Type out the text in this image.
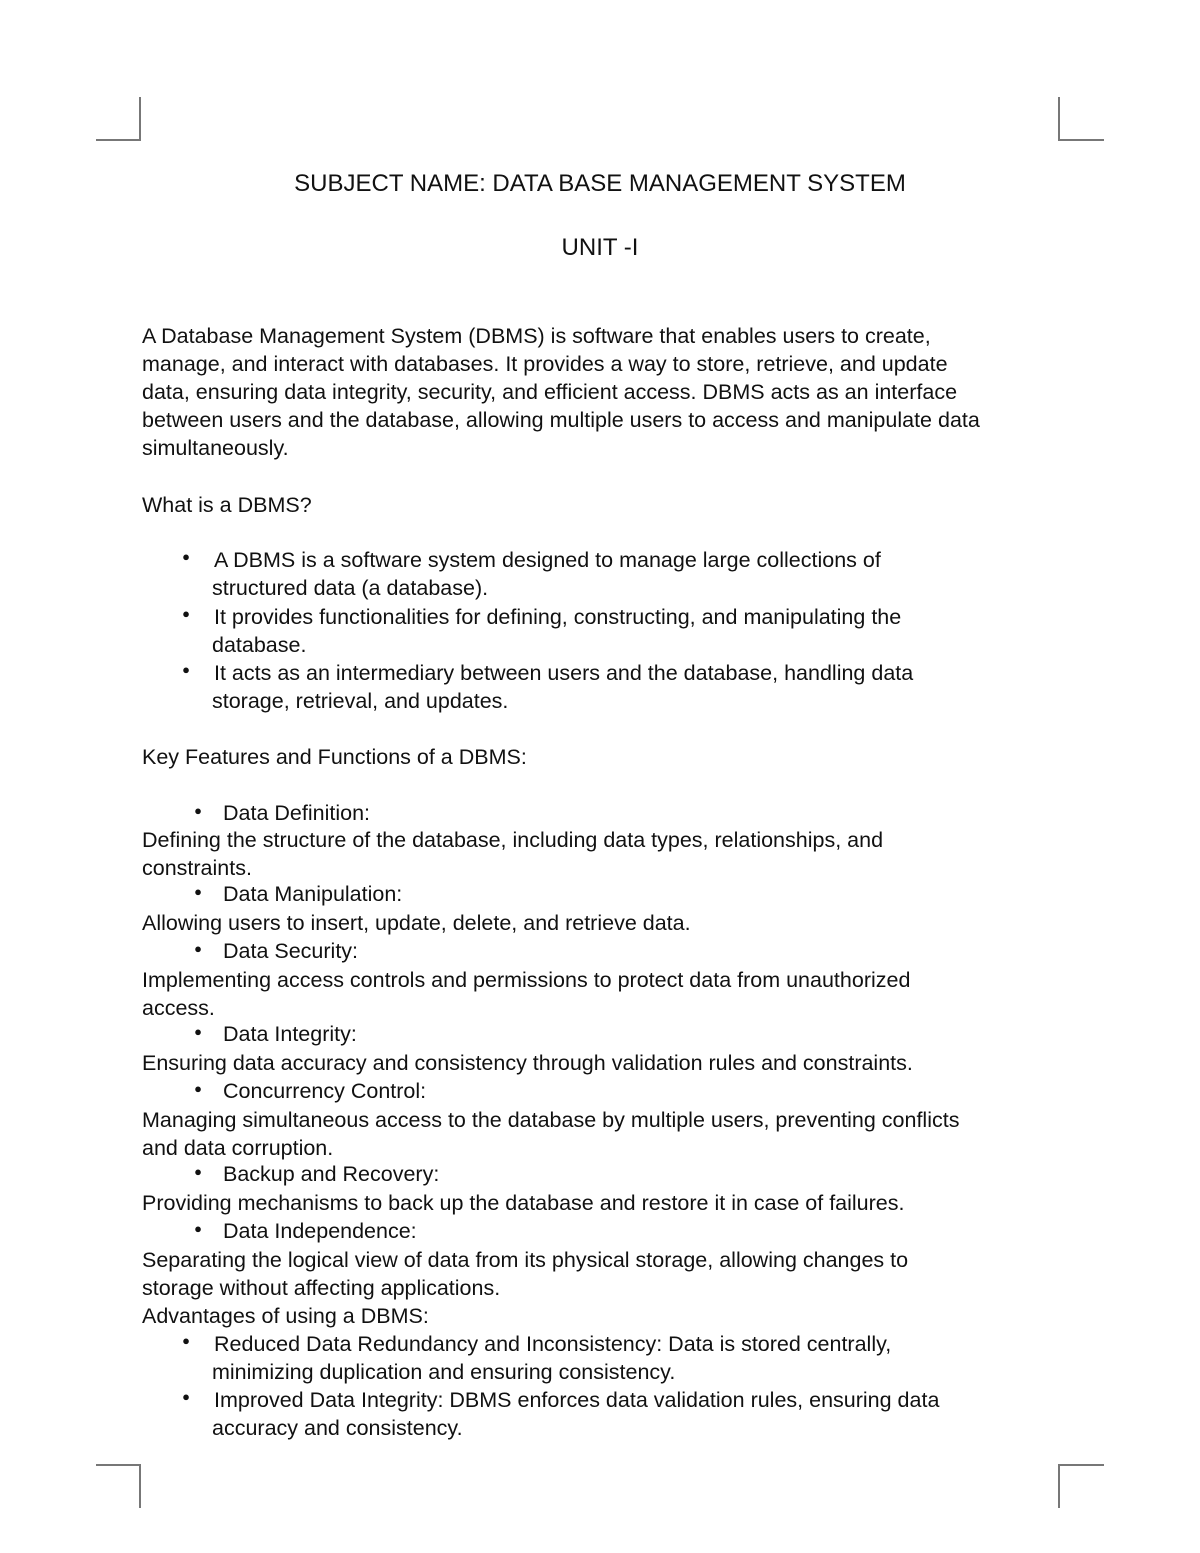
SUBJECT NAME: DATA BASE MANAGEMENT SYSTEM
UNIT -I
A Database Management System (DBMS) is software that enables users to create,
manage, and interact with databases. It provides a way to store, retrieve, and update
data, ensuring data integrity, security, and efficient access. DBMS acts as an interface
between users and the database, allowing multiple users to access and manipulate data
simultaneously.
What is a DBMS?
● A DBMS is a software system designed to manage large collections of
structured data (a database).
● It provides functionalities for defining, constructing, and manipulating the
database.
● It acts as an intermediary between users and the database, handling data
storage, retrieval, and updates.
Key Features and Functions of a DBMS:
● Data Definition:
Defining the structure of the database, including data types, relationships, and
constraints.
● Data Manipulation:
Allowing users to insert, update, delete, and retrieve data.
● Data Security:
Implementing access controls and permissions to protect data from unauthorized
access.
● Data Integrity:
Ensuring data accuracy and consistency through validation rules and constraints.
● Concurrency Control:
Managing simultaneous access to the database by multiple users, preventing conflicts
and data corruption.
● Backup and Recovery:
Providing mechanisms to back up the database and restore it in case of failures.
● Data Independence:
Separating the logical view of data from its physical storage, allowing changes to
storage without affecting applications.
Advantages of using a DBMS:
● Reduced Data Redundancy and Inconsistency: Data is stored centrally,
minimizing duplication and ensuring consistency.
● Improved Data Integrity: DBMS enforces data validation rules, ensuring data
accuracy and consistency.
